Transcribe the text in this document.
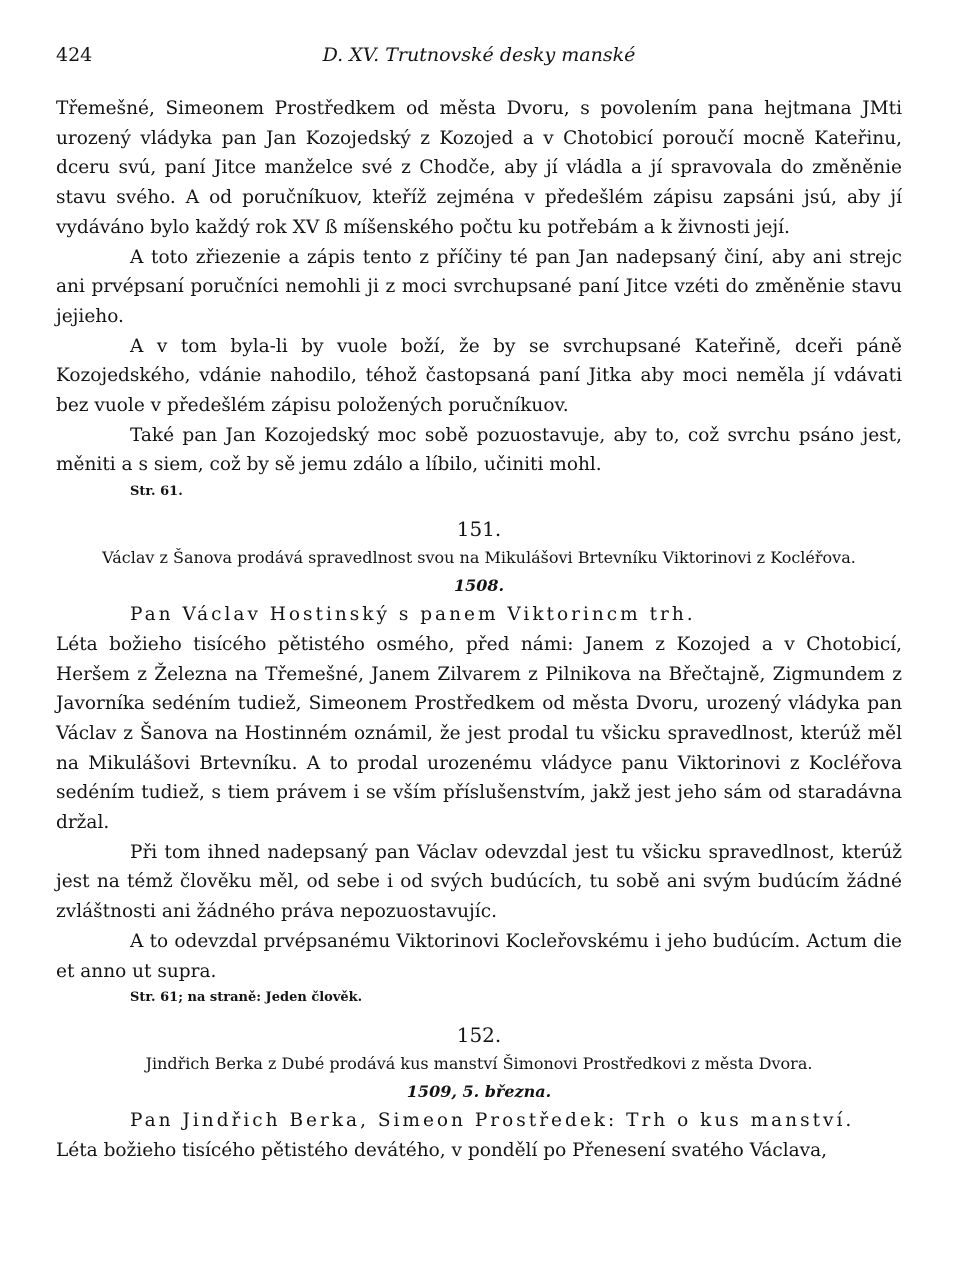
424	D. XV. Trutnovské desky manské

Třemešné, Simeonem Prostředkem od města Dvoru, s povolením pana hejtmana JMti urozený vládyka pan Jan Kozojedský z Kozojed a v Chotobicí poroučí mocně Kateřinu, dceru svú, paní Jitce manželce své z Chodče, aby jí vládla a jí spravovala do změněnie stavu svého. A od poručníkuov, kteříž zejména v předešlém zápisu zapsáni jsú, aby jí vydáváno bylo každý rok XV ß míšenského počtu ku potřebám a k živnosti její.

A toto zřiezenie a zápis tento z příčiny té pan Jan nadepsaný činí, aby ani strejc ani prvépsaní poručníci nemohli ji z moci svrchupsané paní Jitce vzéti do změněnie stavu jejieho.

A v tom byla-li by vuole boží, že by se svrchupsané Kateřině, dceři páně Kozojedského, vdánie nahodilo, téhož častopsaná paní Jitka aby moci neměla jí vdávati bez vuole v předešlém zápisu položených poručníkuov.

Také pan Jan Kozojedský moc sobě pozuostavuje, aby to, což svrchu psáno jest, měniti a s siem, což by sě jemu zdálo a líbilo, učiniti mohl.

Str. 61.
151.
Václav z Šanova prodává spravedlnost svou na Mikulášovi Brtevníku Viktorinovi z Kocléřova.
1508.

Pan Václav Hostinský s panem Viktorincm trh.

Léta božieho tisícého pětistého osmého, před námi: Janem z Kozojed a v Chotobicí, Heršem z Železna na Třemešné, Janem Zilvarem z Pilnikova na Břečtajně, Zigmundem z Javorníka sedéním tudiež, Simeonem Prostředkem od města Dvoru, urozený vládyka pan Václav z Šanova na Hostinném oznámil, že jest prodal tu všicku spravedlnost, kterúž měl na Mikulášovi Brtevníku. A to prodal urozenému vládyce panu Viktorinovi z Kocléřova sedéním tudiež, s tiem právem i se vším příslušenstvím, jakž jest jeho sám od staradávna držal.

Při tom ihned nadepsaný pan Václav odevzdal jest tu všicku spravedlnost, kterúž jest na témž člověku měl, od sebe i od svých budúcích, tu sobě ani svým budúcím žádné zvláštnosti ani žádného práva nepozuostavujíc.

A to odevzdal prvépsanému Viktorinovi Kocleřovskému i jeho budúcím. Actum die et anno ut supra.

Str. 61; na straně: Jeden člověk.
152.
Jindřich Berka z Dubé prodává kus manství Šimonovi Prostředkovi z města Dvora.
1509, 5. března.

Pan Jindřich Berka, Simeon Prostředek: Trh o kus manství.

Léta božieho tisícého pětistého devátého, v pondělí po Přenesení svatého Václava,
